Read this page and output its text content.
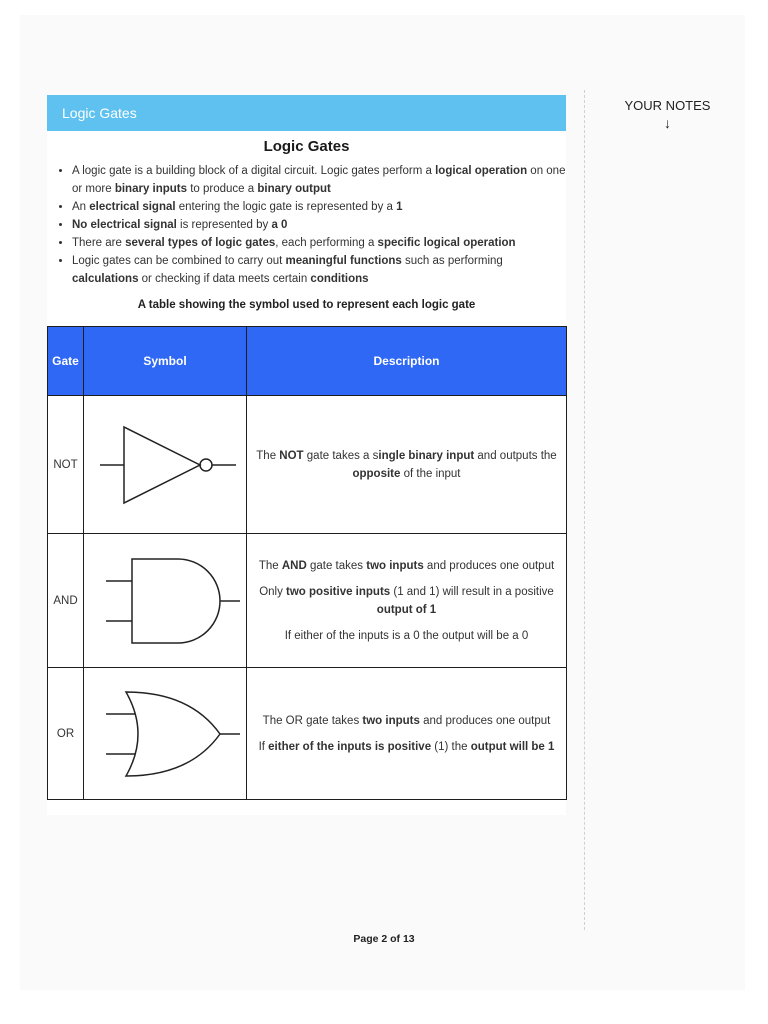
Logic Gates
Logic Gates
• A logic gate is a building block of a digital circuit. Logic gates perform a logical operation on one or more binary inputs to produce a binary output
• An electrical signal entering the logic gate is represented by a 1
• No electrical signal is represented by a 0
• There are several types of logic gates, each performing a specific logical operation
• Logic gates can be combined to carry out meaningful functions such as performing calculations or checking if data meets certain conditions
A table showing the symbol used to represent each logic gate
Gate	Symbol	Description
NOT		The NOT gate takes a single binary input and outputs the opposite of the input

AND		The AND gate takes two inputs and produces one output

Only two positive inputs (1 and 1) will result in a positive output of 1

If either of the inputs is a 0 the output will be a 0

OR		The OR gate takes two inputs and produces one output

If either of the inputs is positive (1) the output will be 1

YOUR NOTES
↓
Page 2 of 13
